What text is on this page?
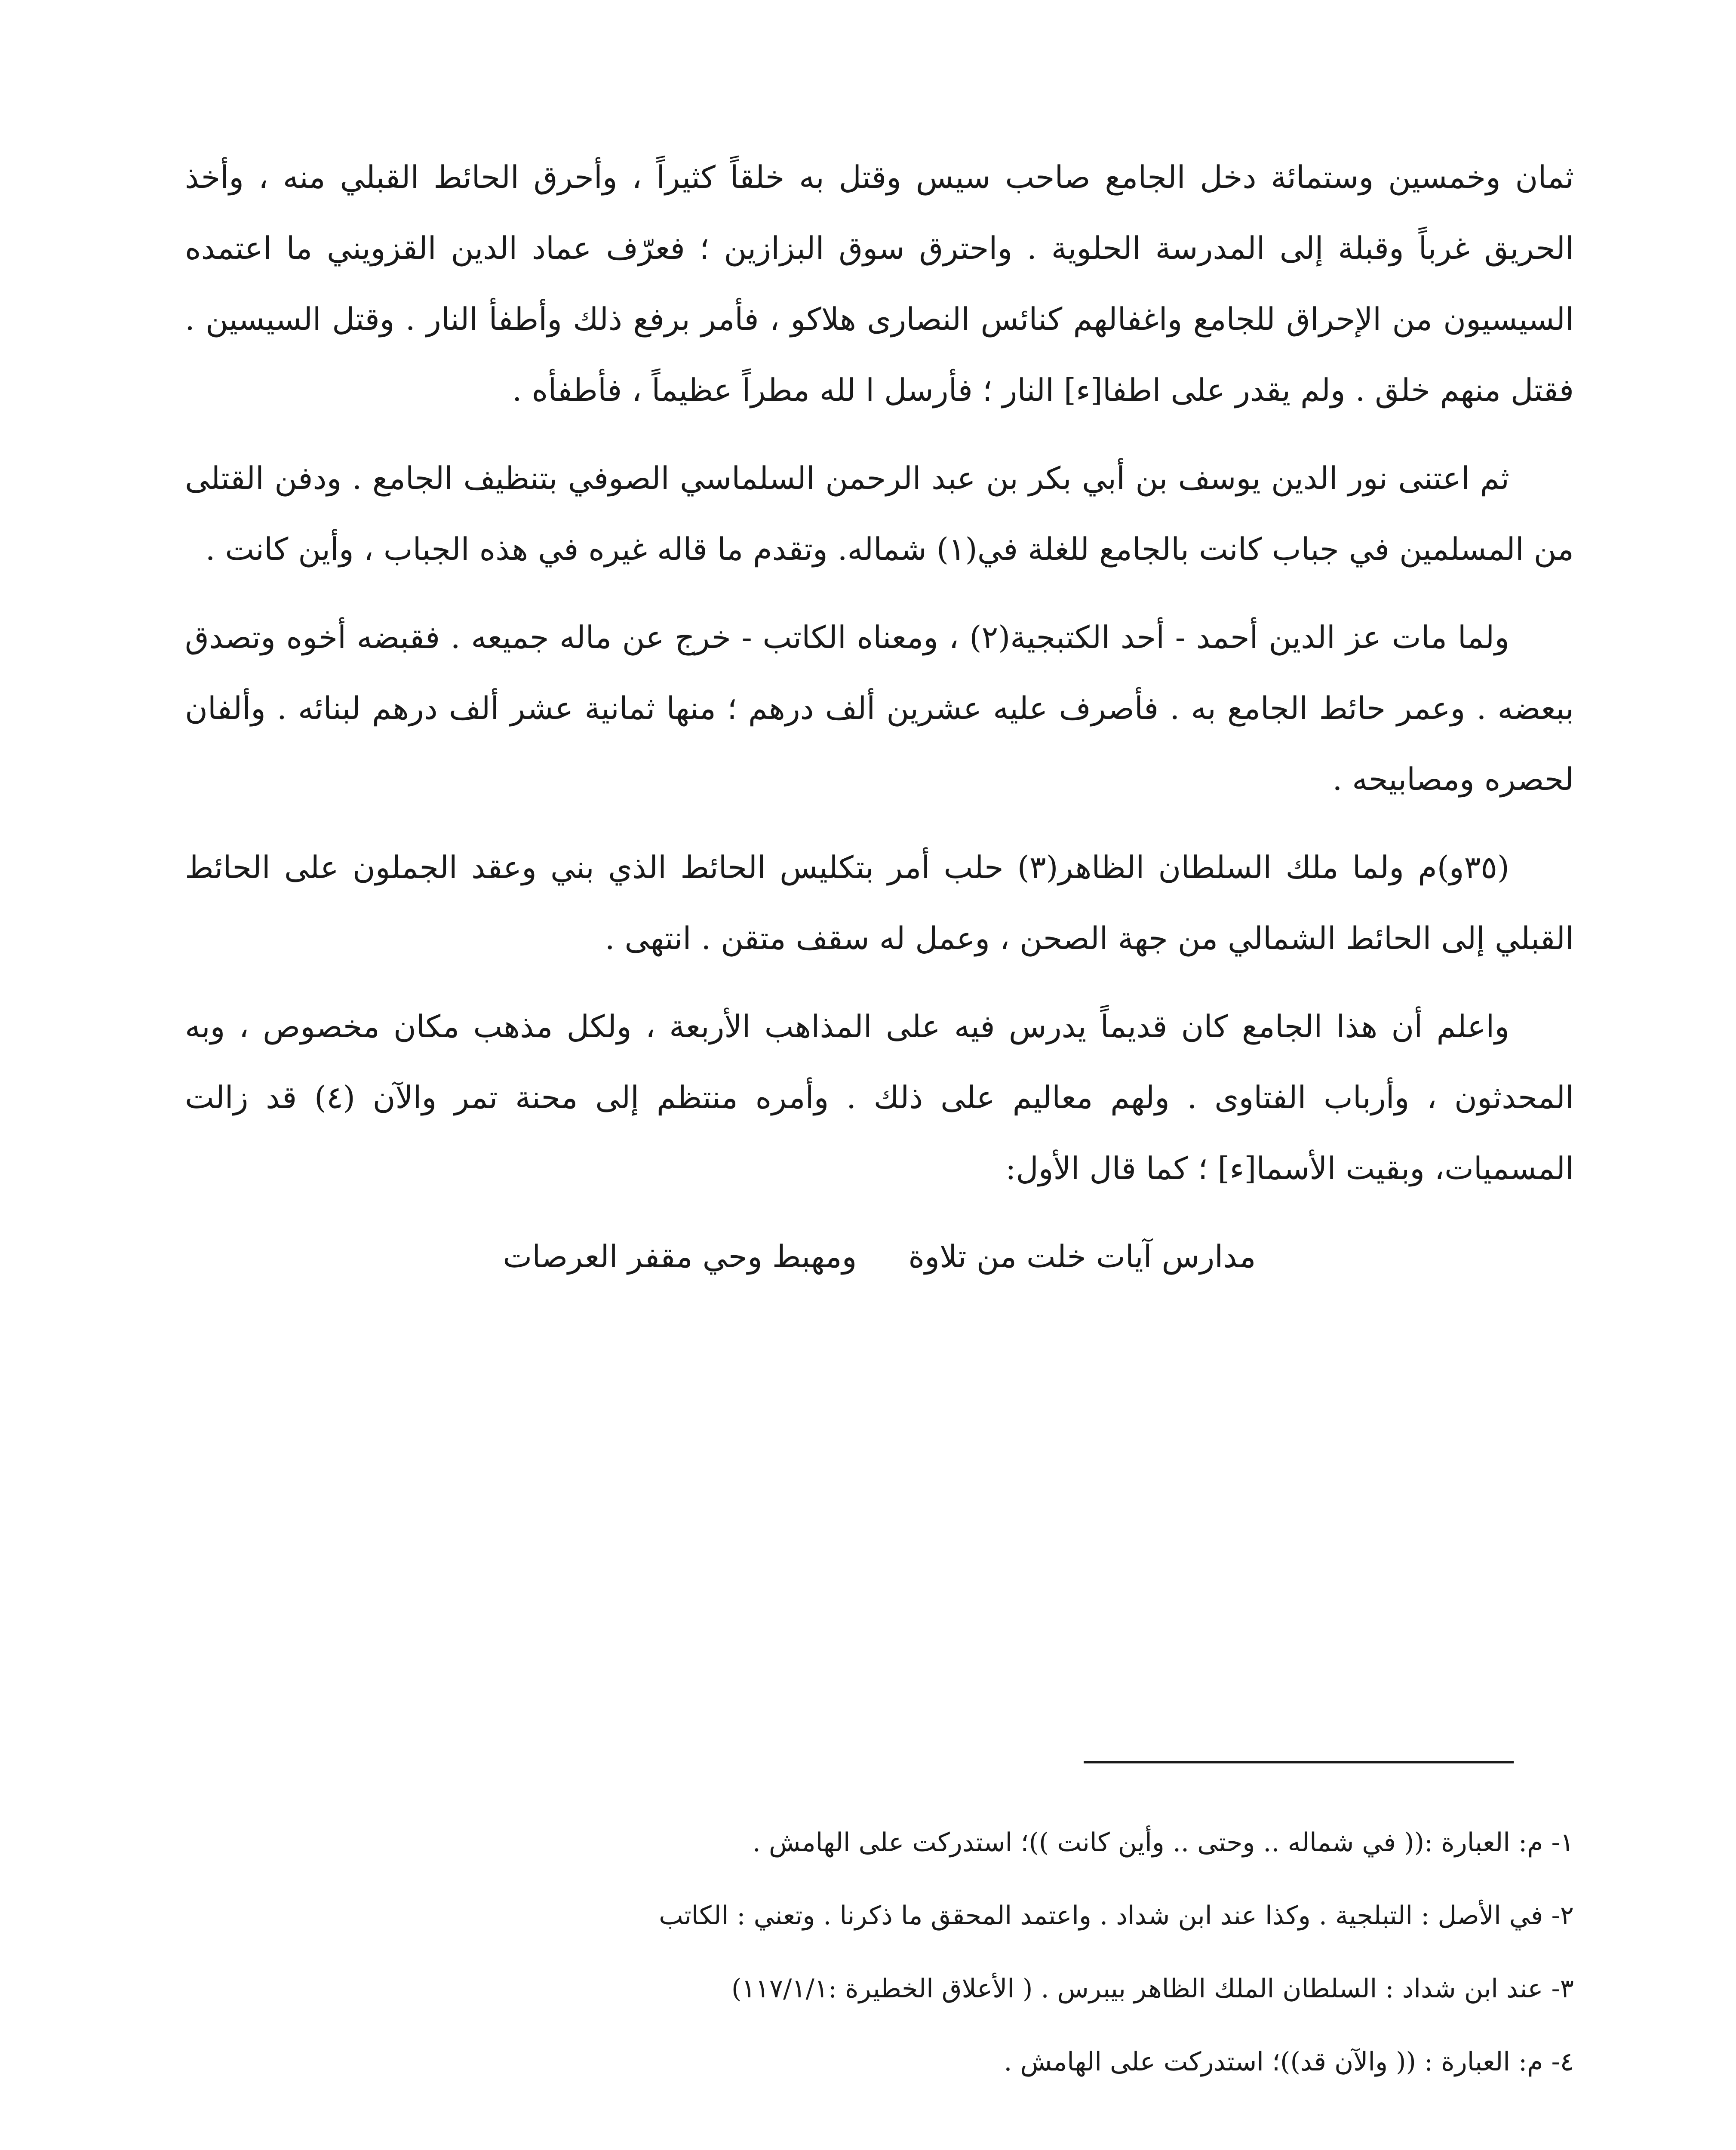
ثمان وخمسين وستمائة دخل الجامع صاحب سيس وقتل به خلقاً كثيراً ، وأحرق الحائط القبلي منه ، وأخذ الحريق غرباً وقبلة إلى المدرسة الحلوية . واحترق سوق البزازين ؛ فعرّف عماد الدين القزويني ما اعتمده السيسيون من الإحراق للجامع واغفالهم كنائس النصارى هلاكو ، فأمر برفع ذلك وأطفأ النار . وقتل السيسين . فقتل منهم خلق . ولم يقدر على اطفا[ء] النار ؛ فأرسل ا لله مطراً عظيماً ، فأطفأه .

ثم اعتنى نور الدين يوسف بن أبي بكر بن عبد الرحمن السلماسي الصوفي بتنظيف الجامع . ودفن القتلى من المسلمين في جباب كانت بالجامع للغلة في(١) شماله. وتقدم ما قاله غيره في هذه الجباب ، وأين كانت .

ولما مات عز الدين أحمد - أحد الكتبجية(٢) ، ومعناه الكاتب - خرج عن ماله جميعه . فقبضه أخوه وتصدق ببعضه . وعمر حائط الجامع به . فأصرف عليه عشرين ألف درهم ؛ منها ثمانية عشر ألف درهم لبنائه . وألفان لحصره ومصابيحه .

(٣٥و)م ولما ملك السلطان الظاهر(٣) حلب أمر بتكليس الحائط الذي بني وعقد الجملون على الحائط القبلي إلى الحائط الشمالي من جهة الصحن ، وعمل له سقف متقن . انتهى .

واعلم أن هذا الجامع كان قديماً يدرس فيه على المذاهب الأربعة ، ولكل مذهب مكان مخصوص ، وبه المحدثون ، وأرباب الفتاوى . ولهم معاليم على ذلك . وأمره منتظم إلى محنة تمر والآن (٤) قد زالت المسميات، وبقيت الأسما[ء] ؛ كما قال الأول:

مدارس آيات خلت من تلاوة
ومهبط وحي مقفر العرصات

١- م: العبارة :(( في شماله .. وحتى .. وأين كانت ))؛ استدركت على الهامش .

٢- في الأصل : التبلجية . وكذا عند ابن شداد . واعتمد المحقق ما ذكرنا . وتعني : الكاتب

٣- عند ابن شداد : السلطان الملك الظاهر بيبرس . ( الأعلاق الخطيرة :١١٧/١/١)

٤- م: العبارة : (( والآن قد))؛ استدركت على الهامش .
